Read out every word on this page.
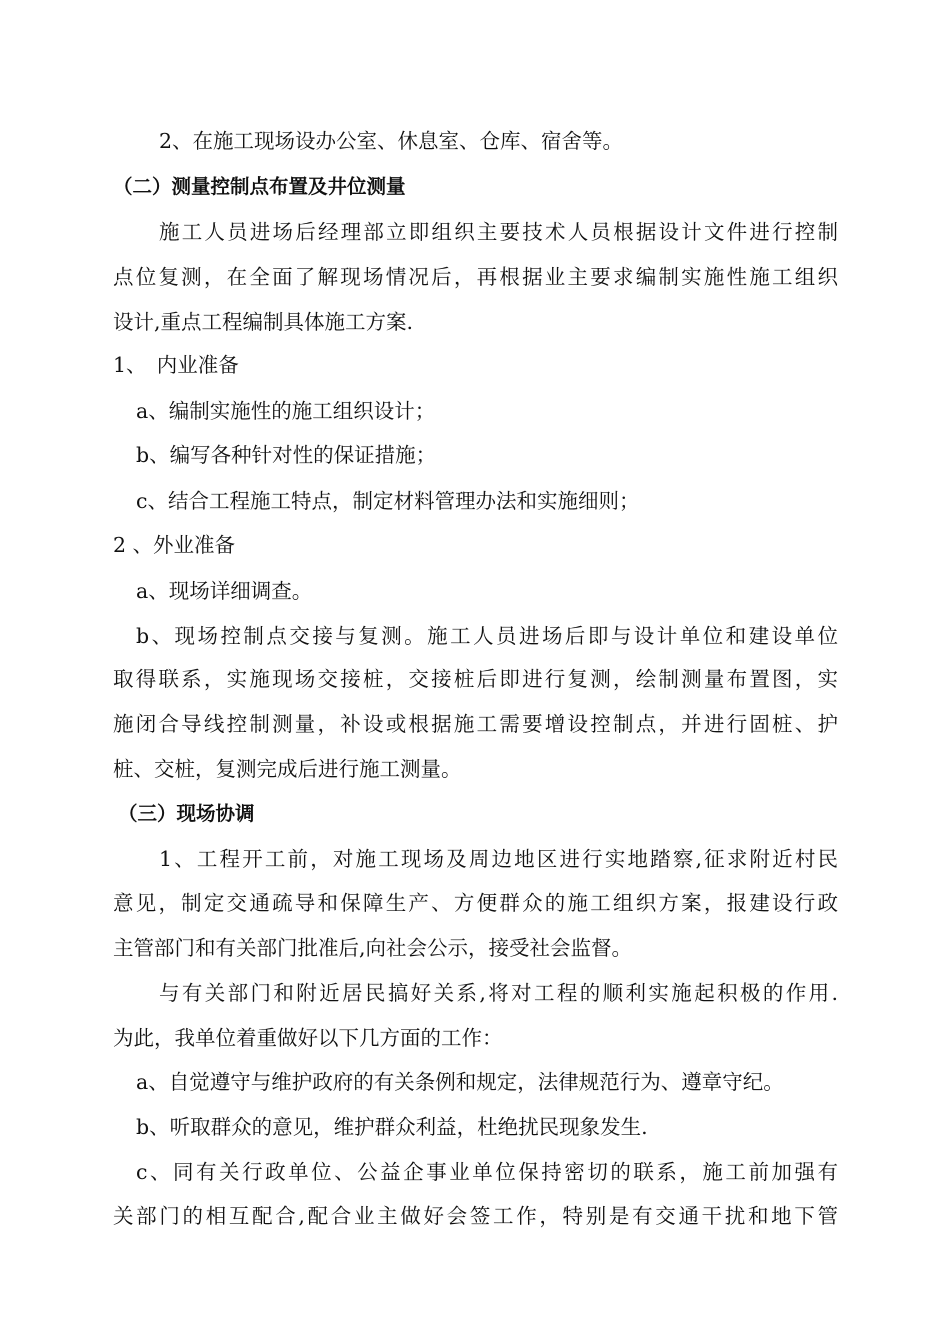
2、在施工现场设办公室、休息室、仓库、宿舍等。
（二）测量控制点布置及井位测量
施工人员进场后经理部立即组织主要技术人员根据设计文件进行控制
点位复测，在全面了解现场情况后，再根据业主要求编制实施性施工组织
设计,重点工程编制具体施工方案.
1、　内业准备
a、编制实施性的施工组织设计；
b、编写各种针对性的保证措施；
c、结合工程施工特点，制定材料管理办法和实施细则；
2 、外业准备
a、现场详细调查。
b、现场控制点交接与复测。施工人员进场后即与设计单位和建设单位
取得联系，实施现场交接桩，交接桩后即进行复测，绘制测量布置图，实
施闭合导线控制测量，补设或根据施工需要增设控制点，并进行固桩、护
桩、交桩，复测完成后进行施工测量。
（三）现场协调
1、工程开工前，对施工现场及周边地区进行实地踏察,征求附近村民
意见，制定交通疏导和保障生产、方便群众的施工组织方案，报建设行政
主管部门和有关部门批准后,向社会公示，接受社会监督。
与有关部门和附近居民搞好关系,将对工程的顺利实施起积极的作用.
为此，我单位着重做好以下几方面的工作：
a、自觉遵守与维护政府的有关条例和规定，法律规范行为、遵章守纪。
b、听取群众的意见，维护群众利益，杜绝扰民现象发生.
c、同有关行政单位、公益企事业单位保持密切的联系，施工前加强有
关部门的相互配合,配合业主做好会签工作，特别是有交通干扰和地下管
